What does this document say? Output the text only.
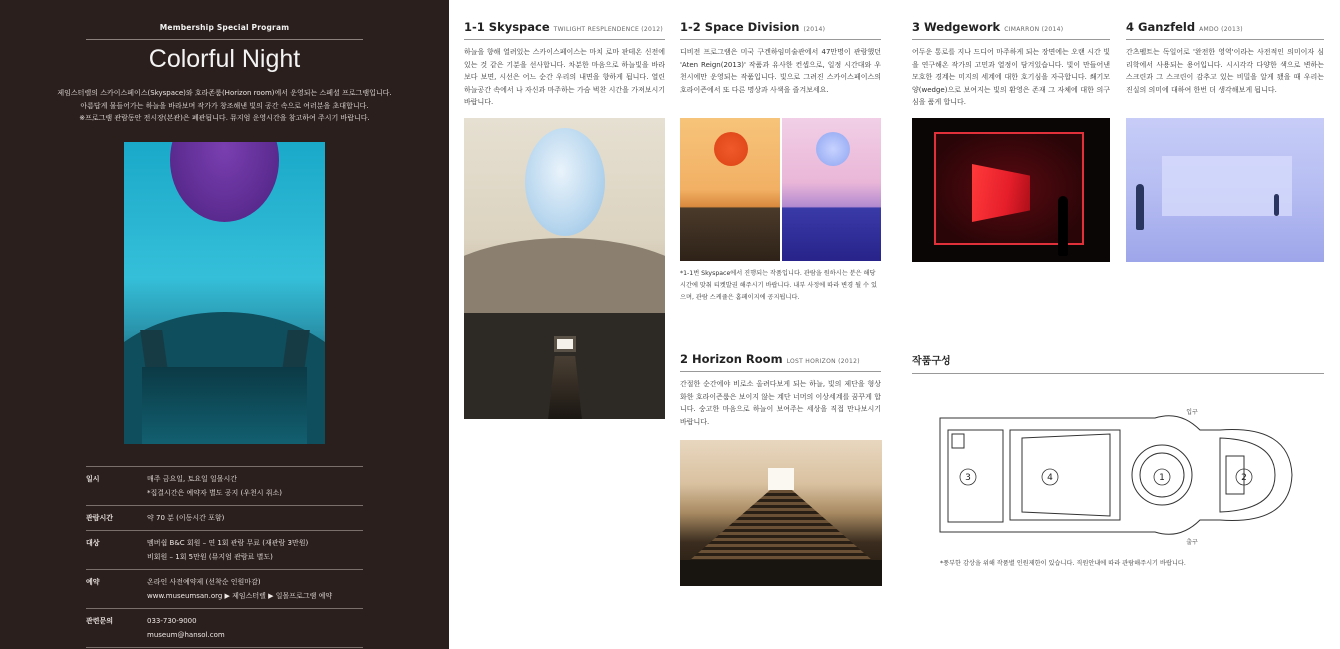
Membership Special Program
Colorful Night
제임스터렐의 스카이스페이스(Skyspace)와 호라존룸(Horizon room)에서 운영되는 스페셜 프로그램입니다.
아름답게 물들어가는 하늘을 바라보며 작가가 창조해낸 빛의 공간 속으로 여러분을 초대합니다.
※프로그램 관람동안 전시장(본관)은 폐관됩니다. 뮤지엄 운영시간을 참고하여 주시기 바랍니다.
일시	매주 금요일, 토요일 일몰시간
*집결시간은 예약자 별도 공지 (우천시 취소)
관람시간	약 70 분 (이동시간 포함)
대상	멤버쉽 B&C 회원 – 연 1회 관람 무료 (재관람 3만원)
비회원 – 1회 5만원 (뮤지엄 관람료 별도)
예약	온라인 사전예약제 (선착순 인원마감)
www.museumsan.org ▶ 제임스터렐 ▶ 일몰프로그램 예약
관련문의	033-730-9000
museum@hansol.com
1-1 Skyspace TWILIGHT RESPLENDENCE (2012)
하늘을 향해 열려있는 스카이스페이스는 마치 로마 판테온 신전에 있는 것 같은 기분을 선사합니다. 차분한 마음으로 하늘빛을 바라보다 보면, 시선은 어느 순간 우리의 내면을 향하게 됩니다. 열린 하늘공간 속에서 나 자신과 마주하는 가슴 벅찬 시간을 가져보시기 바랍니다.
1-2 Space Division (2014)
디비전 프로그램은 미국 구겐하임미술관에서 47만명이 관람했던 'Aten Reign(2013)' 작품과 유사한 컨셉으로, 일정 시간대와 우천시에만 운영되는 작품입니다. 빛으로 그려진 스카이스페이스의 호라이즌에서 또 다른 명상과 사색을 즐겨보세요.
*1-1번 Skyspace에서 진행되는 작품입니다. 관람을 원하시는 분은 해당시간에 맞춰 티켓발권 해주시기 바랍니다. 내부 사정에 따라 변경 될 수 있으며, 관람 스케쥴은 홈페이지에 공지됩니다.
2 Horizon Room LOST HORIZON (2012)
간절한 순간에야 비로소 올려다보게 되는 하늘, 빛의 제단을 형상화한 호라이즌룸은 보이지 않는 계단 너머의 이상세계를 꿈꾸게 합니다. 숭고한 마음으로 하늘이 보여주는 세상을 직접 만나보시기 바랍니다.
3 Wedgework CIMARRON (2014)
어두운 통로를 지나 드디어 마주하게 되는 장면에는 오랜 시간 빛을 연구해온 작가의 고민과 열정이 담겨있습니다. 빛이 만들어낸 모호한 경계는 미지의 세계에 대한 호기심을 자극합니다. 쐐기모양(wedge)으로 보여지는 빛의 환영은 존재 그 자체에 대한 의구심을 품게 합니다.
4 Ganzfeld AMDO (2013)
간츠펠트는 독일어로 '완전한 영역'이라는 사전적인 의미이자 심리학에서 사용되는 용어입니다. 시시각각 다양한 색으로 변하는 스크린과 그 스크린이 감추고 있는 비밀을 알게 됐을 때 우리는 진실의 의미에 대하여 한번 더 생각해보게 됩니다.
작품구성
3	4	1	2
입구
출구
*풍부한 감상을 위해 작품별 인원제한이 있습니다. 직원안내에 따라 관람해주시기 바랍니다.
